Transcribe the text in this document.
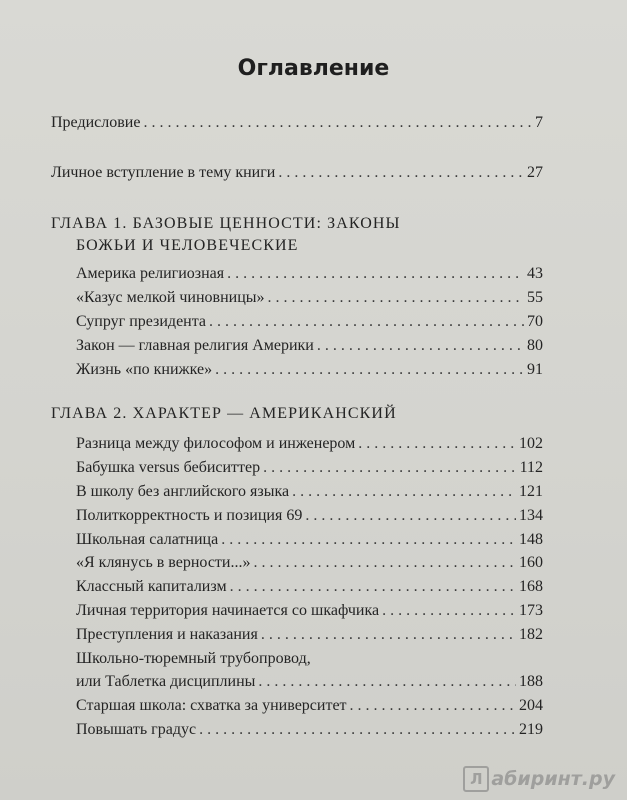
Оглавление
Предисловие . . .	7
Личное вступление в тему книги . . .	27
ГЛАВА 1. БАЗОВЫЕ ЦЕННОСТИ: ЗАКОНЫ
БОЖЬИ И ЧЕЛОВЕЧЕСКИЕ
Америка религиозная . . .	43
«Казус мелкой чиновницы» . . .	55
Супруг президента . . .	70
Закон — главная религия Америки . . .	80
Жизнь «по книжке» . . .	91
ГЛАВА 2. ХАРАКТЕР — АМЕРИКАНСКИЙ
Разница между философом и инженером . . .	102
Бабушка versus бебиситтер . . .	112
В школу без английского языка . . .	121
Политкорректность и позиция 69 . . .	134
Школьная салатница . . .	148
«Я клянусь в верности...» . . .	160
Классный капитализм . . .	168
Личная территория начинается со шкафчика . . .	173
Преступления и наказания . . .	182
Школьно-тюремный трубопровод,
или Таблетка дисциплины . . .	188
Старшая школа: схватка за университет . . .	204
Повышать градус . . .	219
Л абиринт.ру
